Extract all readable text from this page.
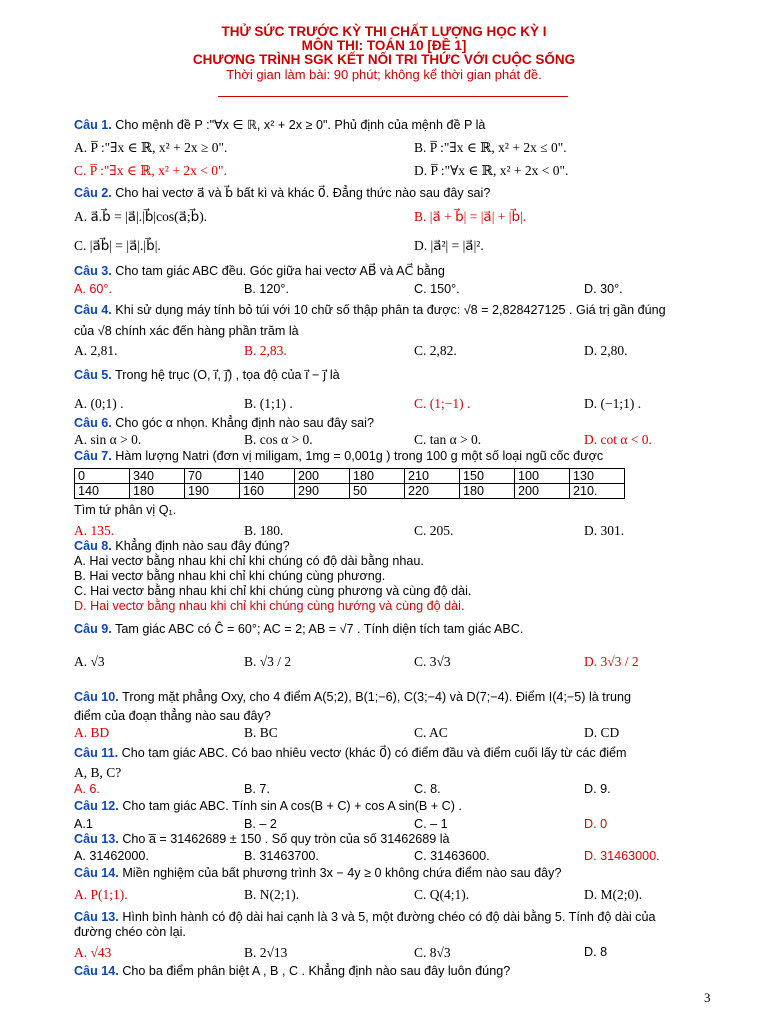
THỬ SỨC TRƯỚC KỲ THI CHẤT LƯỢNG HỌC KỲ I
MÔN THI: TOÁN 10 [ĐỀ 1]
CHƯƠNG TRÌNH SGK KẾT NỐI TRI THỨC VỚI CUỘC SỐNG
Thời gian làm bài: 90 phút; không kể thời gian phát đề.
Câu 1. Cho mệnh đề P :"∀x ∈ ℝ, x² + 2x ≥ 0". Phủ định của mệnh đề P là
A. P̅ :"∃x ∈ ℝ, x² + 2x ≥ 0".	B. P̅ :"∃x ∈ ℝ, x² + 2x ≤ 0".
C. P̅ :"∃x ∈ ℝ, x² + 2x < 0".	D. P̅ :"∀x ∈ ℝ, x² + 2x < 0".
Câu 2. Cho hai vectơ a⃗ và b⃗ bất kì và khác 0⃗. Đẳng thức nào sau đây sai?
A. a⃗.b⃗ = |a⃗|.|b⃗|cos(a⃗;b⃗).	B. |a⃗ + b⃗| = |a⃗| + |b⃗|.
C. |a⃗b⃗| = |a⃗|.|b⃗|.	D. |a⃗²| = |a⃗|².
Câu 3. Cho tam giác ABC đều. Góc giữa hai vectơ AB⃗ và AC⃗ bằng
A. 60°.	B. 120°.	C. 150°.	D. 30°.
Câu 4. Khi sử dụng máy tính bỏ túi với 10 chữ số thập phân ta được: √8 = 2,828427125 . Giá trị gần đúng
của √8 chính xác đến hàng phần trăm là
A. 2,81.	B. 2,83.	C. 2,82.	D. 2,80.
Câu 5. Trong hệ trục (O, i⃗, j⃗) , tọa độ của i⃗ − j⃗ là
A. (0;1) .	B. (1;1) .	C. (1;−1) .	D. (−1;1) .
Câu 6. Cho góc α nhọn. Khẳng định nào sau đây sai?
A. sin α > 0.	B. cos α > 0.	C. tan α > 0.	D. cot α < 0.
Câu 7. Hàm lượng Natri (đơn vị miligam, 1mg = 0,001g ) trong 100 g một số loại ngũ cốc được
0	340	70	140	200	180	210	150	100	130
140	180	190	160	290	50	220	180	200	210.
Tìm tứ phân vị Q₁.
A. 135.	B. 180.	C. 205.	D. 301.
Câu 8. Khẳng định nào sau đây đúng?
A. Hai vectơ bằng nhau khi chỉ khi chúng có độ dài bằng nhau.
B. Hai vectơ bằng nhau khi chỉ khi chúng cùng phương.
C. Hai vectơ bằng nhau khi chỉ khi chúng cùng phương và cùng độ dài.
D. Hai vectơ bằng nhau khi chỉ khi chúng cùng hướng và cùng độ dài.
Câu 9. Tam giác ABC có Ĉ = 60°; AC = 2; AB = √7 . Tính diện tích tam giác ABC.
A. √3	B. √3 / 2	C. 3√3	D. 3√3 / 2
Câu 10. Trong mặt phẳng Oxy, cho 4 điểm A(5;2), B(1;−6), C(3;−4) và D(7;−4). Điểm I(4;−5) là trung
điểm của đoạn thẳng nào sau đây?
A. BD	B. BC	C. AC	D. CD
Câu 11. Cho tam giác ABC. Có bao nhiêu vectơ (khác 0⃗) có điểm đầu và điểm cuối lấy từ các điểm
A, B, C?
A. 6.	B. 7.	C. 8.	D. 9.
Câu 12. Cho tam giác ABC. Tính sin A cos(B + C) + cos A sin(B + C) .
A.1	B. – 2	C. – 1	D. 0
Câu 13. Cho a̅ = 31462689 ± 150 . Số quy tròn của số 31462689 là
A. 31462000.	B. 31463700.	C. 31463600.	D. 31463000.
Câu 14. Miền nghiệm của bất phương trình 3x − 4y ≥ 0 không chứa điểm nào sau đây?
A. P(1;1).	B. N(2;1).	C. Q(4;1).	D. M(2;0).
Câu 13. Hình bình hành có độ dài hai cạnh là 3 và 5, một đường chéo có độ dài bằng 5. Tính độ dài của
đường chéo còn lại.
A. √43	B. 2√13	C. 8√3	D. 8
Câu 14. Cho ba điểm phân biệt A , B , C . Khẳng định nào sau đây luôn đúng?
3
